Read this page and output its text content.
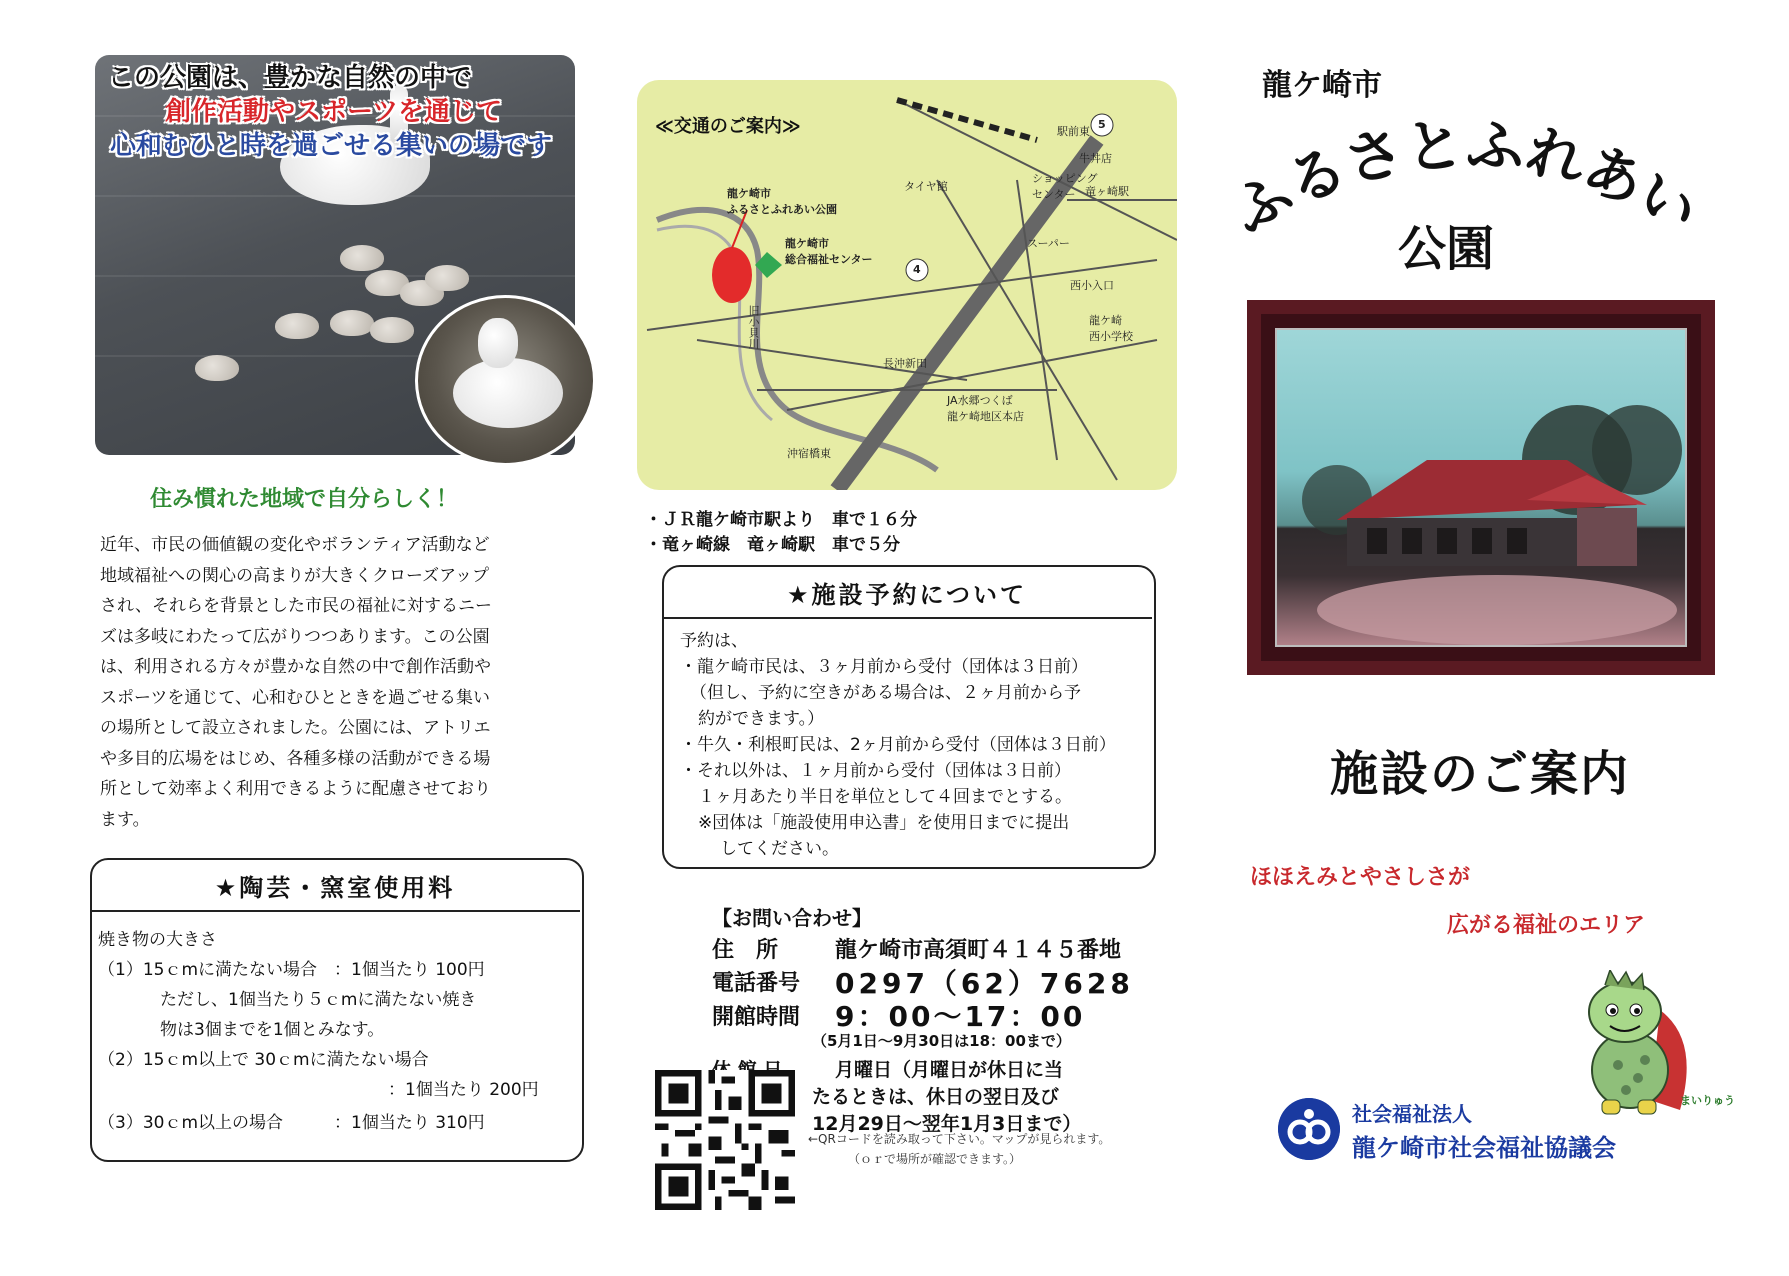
この公園は、豊かな自然の中で
創作活動やスポーツを通じて
心和むひと時を過ごせる集いの場です
住み慣れた地域で自分らしく！
近年、市民の価値観の変化やボランティア活動など
地域福祉への関心の高まりが大きくクローズアップ
され、それらを背景とした市民の福祉に対するニー
ズは多岐にわたって広がりつつあります。この公園
は、利用される方々が豊かな自然の中で創作活動や
スポーツを通じて、心和むひとときを過ごせる集い
の場所として設立されました。公園には、アトリエ
や多目的広場をはじめ、各種多様の活動ができる場
所として効率よく利用できるように配慮させており
ます。
★陶芸・窯室使用料
焼き物の大きさ
（1）15ｃmに満たない場合　：1個当たり 100円
ただし、1個当たり５ｃmに満たない焼き
物は3個までを1個とみなす。
（2）15ｃm以上で 30ｃmに満たない場合
：1個当たり 200円
（3）30ｃm以上の場合　　　：1個当たり 310円
龍ケ崎市
ふるさとふれあい公園
龍ケ崎市
総合福祉センター
旧小貝川
タイヤ館
ショッピング
センター
スーパー
牛丼店
竜ヶ崎駅
駅前東
4
5
西小入口
龍ケ崎
西小学校
長沖新田
JA水郷つくば
龍ケ崎地区本店
沖宿橋東
≪交通のご案内≫
・ＪＲ龍ケ崎市駅より　車で１６分
・竜ヶ崎線　竜ヶ崎駅　車で５分
★施設予約について
予約は、
・龍ケ崎市民は、３ヶ月前から受付（団体は３日前）
（但し、予約に空きがある場合は、２ヶ月前から予
約ができます。）
・牛久・利根町民は、2ヶ月前から受付（団体は３日前）
・それ以外は、１ヶ月前から受付（団体は３日前）
１ヶ月あたり半日を単位として４回までとする。
※団体は「施設使用申込書」を使用日までに提出
してください。
【お問い合わせ】
住　所	龍ケ崎市高須町４１４５番地
電話番号 0297（62）7628
開館時間 9：00～17：00
（5月1日～9月30日は18：00まで）
月曜日（月曜日が休日に当
たるときは、休日の翌日及び
12月29日～翌年1月3日まで）
←QRコードを読み取って下さい。マップが見られます。
（ｏｒで場所が確認できます。）
龍ケ崎市
ふるさとふれあい
公園
施設のご案内
ほほえみとやさしさが
広がる福祉のエリア
まいりゅう
社会福祉法人
龍ケ崎市社会福祉協議会
